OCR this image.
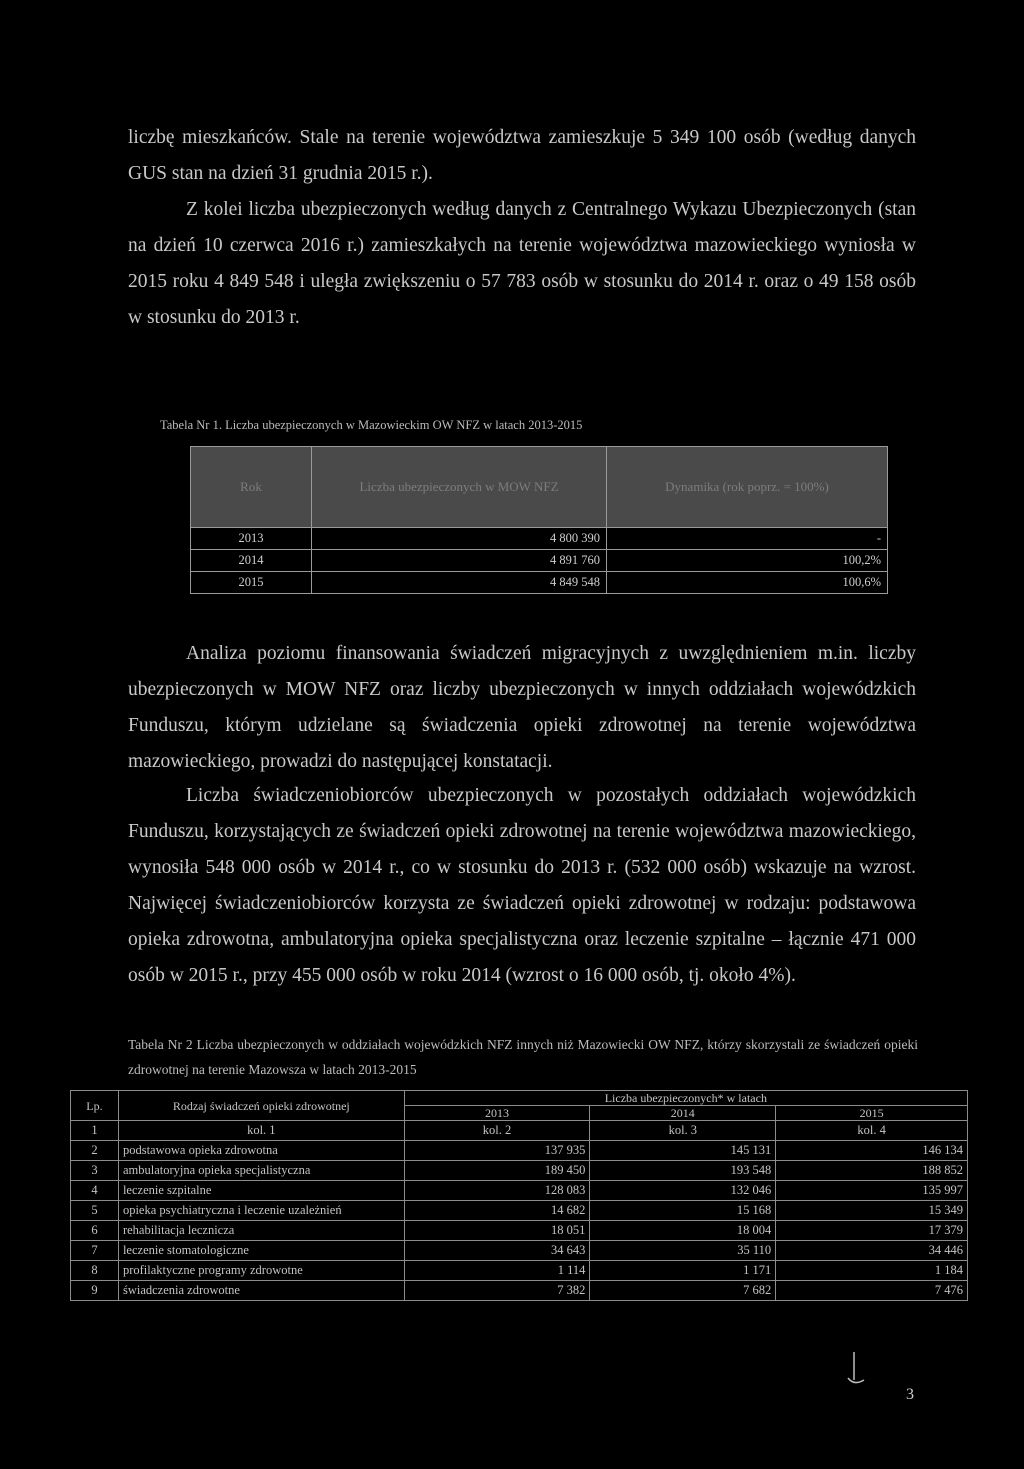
liczbę mieszkańców. Stale na terenie województwa zamieszkuje 5 349 100 osób (według danych GUS stan na dzień 31 grudnia 2015 r.).

Z kolei liczba ubezpieczonych według danych z Centralnego Wykazu Ubezpieczonych (stan na dzień 10 czerwca 2016 r.) zamieszkałych na terenie województwa mazowieckiego wyniosła w 2015 roku 4 849 548 i uległa zwiększeniu o 57 783 osób w stosunku do 2014 r. oraz o 49 158 osób w stosunku do 2013 r.

Tabela Nr 1. Liczba ubezpieczonych w Mazowieckim OW NFZ w latach 2013-2015

Rok	Liczba ubezpieczonych w MOW NFZ	Dynamika (rok poprz. = 100%)
2013	4 800 390	-
2014	4 891 760	100,2%
2015	4 849 548	100,6%

Analiza poziomu finansowania świadczeń migracyjnych z uwzględnieniem m.in. liczby ubezpieczonych w MOW NFZ oraz liczby ubezpieczonych w innych oddziałach wojewódzkich Funduszu, którym udzielane są świadczenia opieki zdrowotnej na terenie województwa mazowieckiego, prowadzi do następującej konstatacji.

Liczba świadczeniobiorców ubezpieczonych w pozostałych oddziałach wojewódzkich Funduszu, korzystających ze świadczeń opieki zdrowotnej na terenie województwa mazowieckiego, wynosiła 548 000 osób w 2014 r., co w stosunku do 2013 r. (532 000 osób) wskazuje na wzrost. Najwięcej świadczeniobiorców korzysta ze świadczeń opieki zdrowotnej w rodzaju: podstawowa opieka zdrowotna, ambulatoryjna opieka specjalistyczna oraz leczenie szpitalne – łącznie 471 000 osób w 2015 r., przy 455 000 osób w roku 2014 (wzrost o 16 000 osób, tj. około 4%).

Tabela Nr 2 Liczba ubezpieczonych w oddziałach wojewódzkich NFZ innych niż Mazowiecki OW NFZ, którzy skorzystali ze świadczeń opieki zdrowotnej na terenie Mazowsza w latach 2013-2015

Lp.	Rodzaj świadczeń opieki zdrowotnej	Liczba ubezpieczonych* w latach		
		2013	2014	2015
1	kol. 1	kol. 2	kol. 3	kol. 4
2	podstawowa opieka zdrowotna	137 935	145 131	146 134
3	ambulatoryjna opieka specjalistyczna	189 450	193 548	188 852
4	leczenie szpitalne	128 083	132 046	135 997
5	opieka psychiatryczna i leczenie uzależnień	14 682	15 168	15 349
6	rehabilitacja lecznicza	18 051	18 004	17 379
7	leczenie stomatologiczne	34 643	35 110	34 446
8	profilaktyczne programy zdrowotne	1 114	1 171	1 184
9	świadczenia zdrowotne	7 382	7 682	7 476
3
